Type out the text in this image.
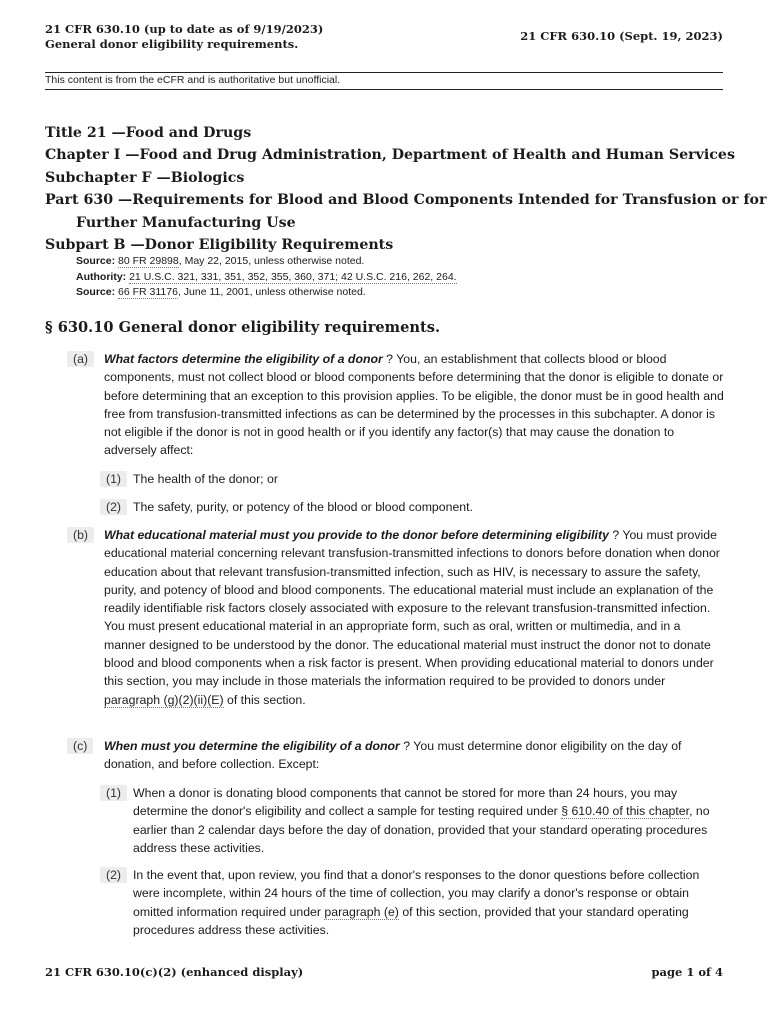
21 CFR 630.10 (up to date as of 9/19/2023)
General donor eligibility requirements.
21 CFR 630.10 (Sept. 19, 2023)
This content is from the eCFR and is authoritative but unofficial.

Title 21 —Food and Drugs

Chapter I —Food and Drug Administration, Department of Health and Human Services

Subchapter F —Biologics

Part 630 —Requirements for Blood and Blood Components Intended for Transfusion or for

Further Manufacturing Use

Subpart B —Donor Eligibility Requirements

Source: 80 FR 29898, May 22, 2015, unless otherwise noted.
Authority: 21 U.S.C. 321, 331, 351, 352, 355, 360, 371; 42 U.S.C. 216, 262, 264.
Source: 66 FR 31176, June 11, 2001, unless otherwise noted.
§ 630.10 General donor eligibility requirements.
(a)	What factors determine the eligibility of a donor ? You, an establishment that collects blood or blood components, must not collect blood or blood components before determining that the donor is eligible to donate or before determining that an exception to this provision applies. To be eligible, the donor must be in good health and free from transfusion-transmitted infections as can be determined by the processes in this subchapter. A donor is not eligible if the donor is not in good health or if you identify any factor(s) that may cause the donation to adversely affect:
(1) The health of the donor; or
(2) The safety, purity, or potency of the blood or blood component.
(b)	What educational material must you provide to the donor before determining eligibility ? You must provide educational material concerning relevant transfusion-transmitted infections to donors before donation when donor education about that relevant transfusion-transmitted infection, such as HIV, is necessary to assure the safety, purity, and potency of blood and blood components. The educational material must include an explanation of the readily identifiable risk factors closely associated with exposure to the relevant transfusion-transmitted infection. You must present educational material in an appropriate form, such as oral, written or multimedia, and in a manner designed to be understood by the donor. The educational material must instruct the donor not to donate blood and blood components when a risk factor is present. When providing educational material to donors under this section, you may include in those materials the information required to be provided to donors under paragraph (g)(2)(ii)(E) of this section.
(c)	When must you determine the eligibility of a donor ? You must determine donor eligibility on the day of donation, and before collection. Except:
(1) When a donor is donating blood components that cannot be stored for more than 24 hours, you may determine the donor's eligibility and collect a sample for testing required under § 610.40 of this chapter, no earlier than 2 calendar days before the day of donation, provided that your standard operating procedures address these activities.
(2) In the event that, upon review, you find that a donor's responses to the donor questions before collection were incomplete, within 24 hours of the time of collection, you may clarify a donor's response or obtain omitted information required under paragraph (e) of this section, provided that your standard operating procedures address these activities.
21 CFR 630.10(c)(2) (enhanced display)	page 1 of 4
